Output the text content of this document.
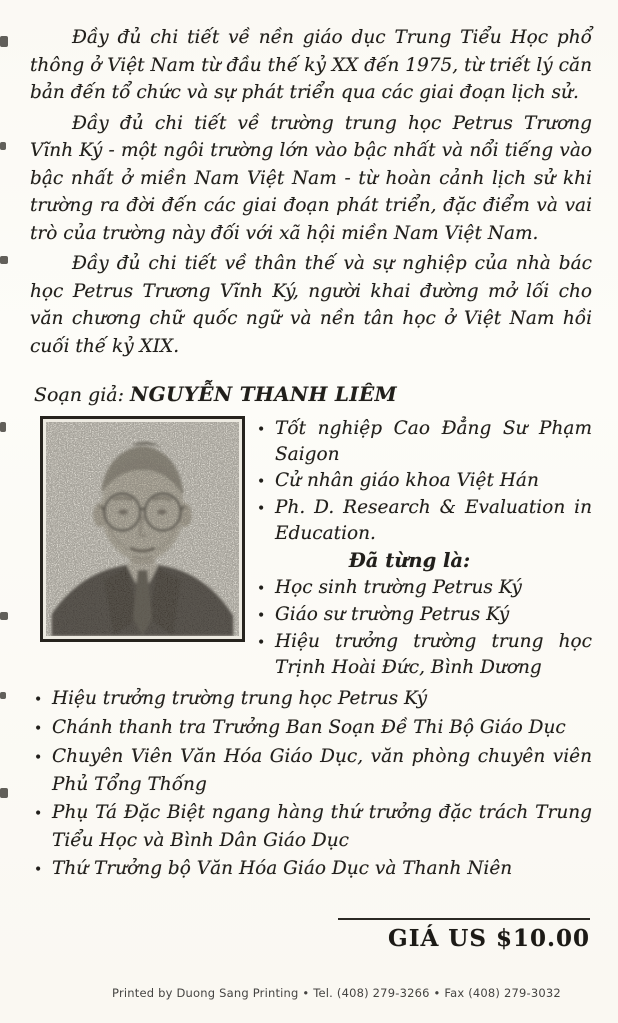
Đầy đủ chi tiết về nền giáo dục Trung Tiểu Học phổ thông ở Việt Nam từ đầu thế kỷ XX đến 1975, từ triết lý căn bản đến tổ chức và sự phát triển qua các giai đoạn lịch sử.

Đầy đủ chi tiết về trường trung học Petrus Trương Vĩnh Ký - một ngôi trường lớn vào bậc nhất và nổi tiếng vào bậc nhất ở miền Nam Việt Nam - từ hoàn cảnh lịch sử khi trường ra đời đến các giai đoạn phát triển, đặc điểm và vai trò của trường này đối với xã hội miền Nam Việt Nam.

Đầy đủ chi tiết về thân thế và sự nghiệp của nhà bác học Petrus Trương Vĩnh Ký, người khai đường mở lối cho văn chương chữ quốc ngữ và nền tân học ở Việt Nam hồi cuối thế kỷ XIX.

Soạn giả: NGUYỄN THANH LIÊM
• Tốt nghiệp Cao Đẳng Sư Phạm Saigon
• Cử nhân giáo khoa Việt Hán
• Ph. D. Research & Evaluation in Education.
Đã từng là:
• Học sinh trường Petrus Ký
• Giáo sư trường Petrus Ký
• Hiệu trưởng trường trung học Trịnh Hoài Đức, Bình Dương
• Hiệu trưởng trường trung học Petrus Ký
• Chánh thanh tra Trưởng Ban Soạn Đề Thi Bộ Giáo Dục
• Chuyên Viên Văn Hóa Giáo Dục, văn phòng chuyên viên Phủ Tổng Thống
• Phụ Tá Đặc Biệt ngang hàng thứ trưởng đặc trách Trung Tiểu Học và Bình Dân Giáo Dục
• Thứ Trưởng bộ Văn Hóa Giáo Dục và Thanh Niên
GIÁ US $10.00
Printed by Duong Sang Printing • Tel. (408) 279-3266 • Fax (408) 279-3032
